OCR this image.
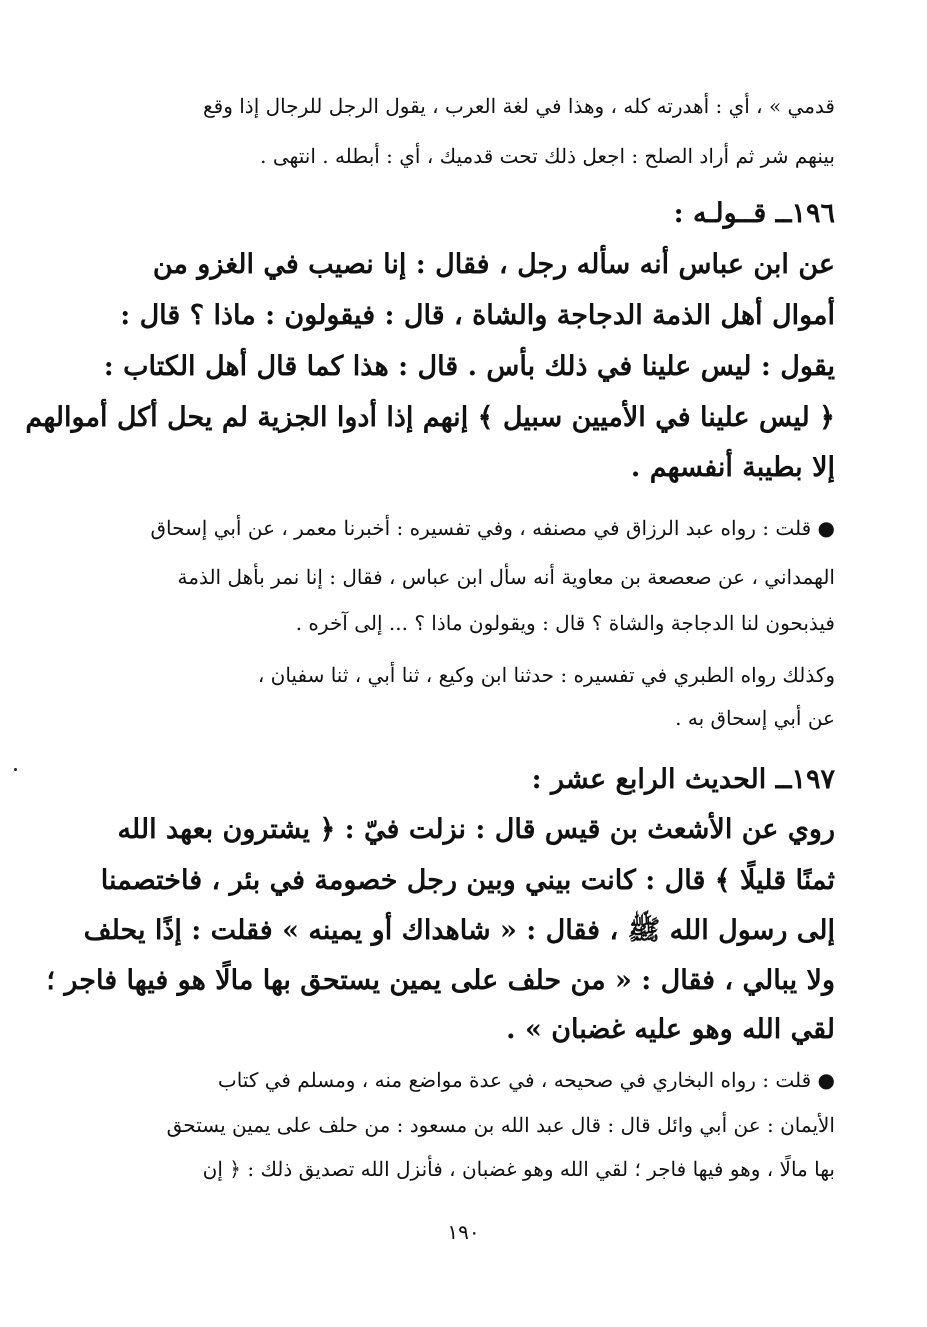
قدمي » ، أي : أهدرته كله ، وهذا في لغة العرب ، يقول الرجل للرجال إذا وقع
بينهم شر ثم أراد الصلح : اجعل ذلك تحت قدميك ، أي : أبطله . انتهى .
١٩٦ــ قــولـه :
عن ابن عباس أنه سأله رجل ، فقال : إنا نصيب في الغزو من
أموال أهل الذمة الدجاجة والشاة ، قال : فيقولون : ماذا ؟ قال :
يقول : ليس علينا في ذلك بأس . قال : هذا كما قال أهل الكتاب :
﴿ ليس علينا في الأميين سبيل ﴾ إنهم إذا أدوا الجزية لم يحل أكل أموالهم
إلا بطيبة أنفسهم .
● قلت : رواه عبد الرزاق في مصنفه ، وفي تفسيره : أخبرنا معمر ، عن أبي إسحاق
الهمداني ، عن صعصعة بن معاوية أنه سأل ابن عباس ، فقال : إنا نمر بأهل الذمة
فيذبحون لنا الدجاجة والشاة ؟ قال : ويقولون ماذا ؟ ... إلى آخره .
وكذلك رواه الطبري في تفسيره : حدثنا ابن وكيع ، ثنا أبي ، ثنا سفيان ،
عن أبي إسحاق به .
١٩٧ــ الحديث الرابع عشر :
روي عن الأشعث بن قيس قال : نزلت فيّ : ﴿ يشترون بعهد الله
ثمنًا قليلًا ﴾ قال : كانت بيني وبين رجل خصومة في بئر ، فاختصمنا
إلى رسول الله ﷺ ، فقال : « شاهداك أو يمينه » فقلت : إذًا يحلف
ولا يبالي ، فقال : « من حلف على يمين يستحق بها مالًا هو فيها فاجر ؛
لقي الله وهو عليه غضبان » .
● قلت : رواه البخاري في صحيحه ، في عدة مواضع منه ، ومسلم في كتاب
الأيمان : عن أبي وائل قال : قال عبد الله بن مسعود : من حلف على يمين يستحق
بها مالًا ، وهو فيها فاجر ؛ لقي الله وهو غضبان ، فأنزل الله تصديق ذلك : ﴿ إن
١٩٠
